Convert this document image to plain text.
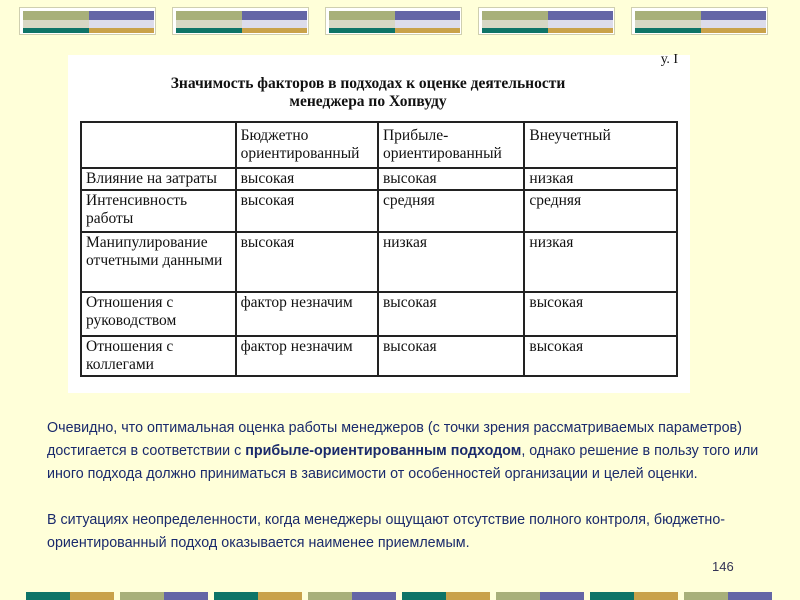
у. I
Значимость факторов в подходах к оценке деятельности
менеджера по Хопвуду
	Бюджетно ориентированный	Прибыле- ориентированный	Внеучетный
Влияние на затраты	высокая	высокая	низкая
Интенсивность работы	высокая	средняя	средняя
Манипулирование отчетными данными	высокая	низкая	низкая
Отношения с руководством	фактор незначим	высокая	высокая
Отношения с коллегами	фактор незначим	высокая	высокая

Очевидно, что оптимальная оценка работы менеджеров (с точки зрения рассматриваемых параметров) достигается в соответствии с прибыле-ориентированным подходом, однако решение в пользу того или иного подхода должно приниматься в зависимости от особенностей организации и целей оценки.

В ситуациях неопределенности, когда менеджеры ощущают отсутствие полного контроля, бюджетно-ориентированный подход оказывается наименее приемлемым.

146
